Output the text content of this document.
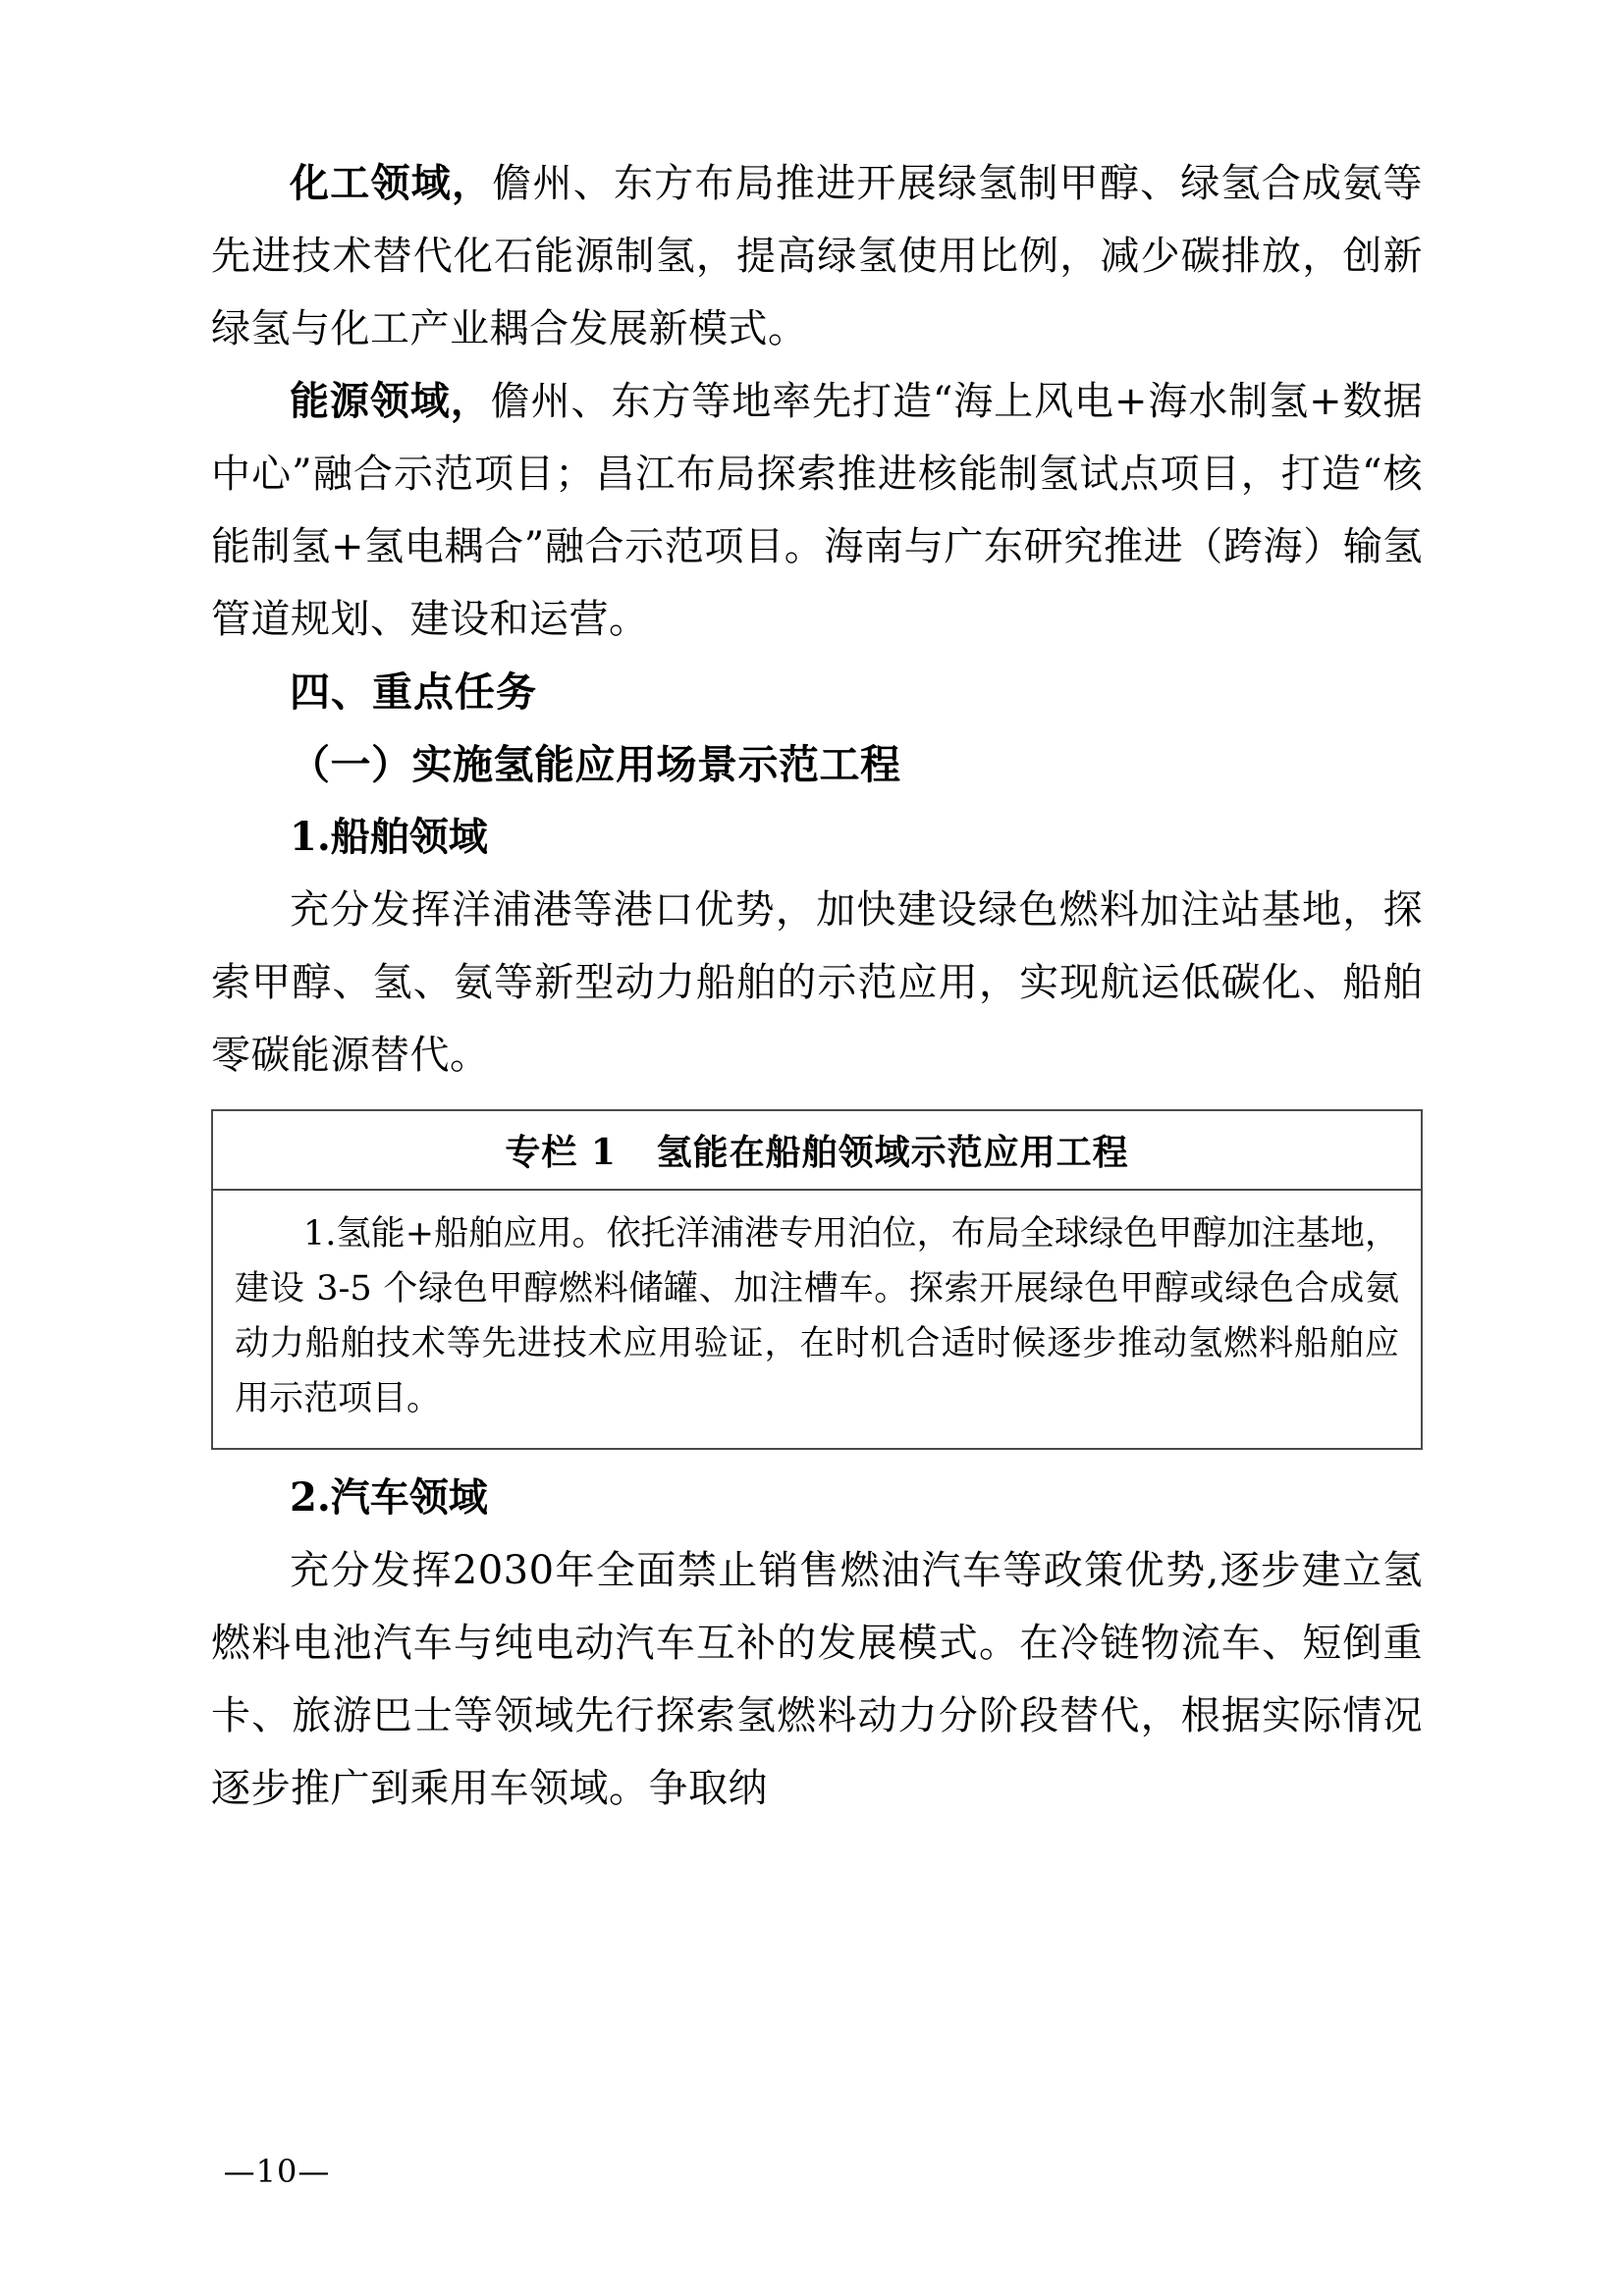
化工领域，儋州、东方布局推进开展绿氢制甲醇、绿氢合成氨等先进技术替代化石能源制氢，提高绿氢使用比例，减少碳排放，创新绿氢与化工产业耦合发展新模式。

能源领域，儋州、东方等地率先打造“海上风电+海水制氢+数据中心”融合示范项目；昌江布局探索推进核能制氢试点项目，打造“核能制氢+氢电耦合”融合示范项目。海南与广东研究推进（跨海）输氢管道规划、建设和运营。

四、重点任务

（一）实施氢能应用场景示范工程

1.船舶领域

充分发挥洋浦港等港口优势，加快建设绿色燃料加注站基地，探索甲醇、氢、氨等新型动力船舶的示范应用，实现航运低碳化、船舶零碳能源替代。

专栏 1 氢能在船舶领域示范应用工程
1.氢能+船舶应用。依托洋浦港专用泊位，布局全球绿色甲醇加注基地，建设 3-5 个绿色甲醇燃料储罐、加注槽车。探索开展绿色甲醇或绿色合成氨动力船舶技术等先进技术应用验证，在时机合适时候逐步推动氢燃料船舶应用示范项目。

2.汽车领域

充分发挥2030年全面禁止销售燃油汽车等政策优势,逐步建立氢燃料电池汽车与纯电动汽车互补的发展模式。在冷链物流车、短倒重卡、旅游巴士等领域先行探索氢燃料动力分阶段替代，根据实际情况逐步推广到乘用车领域。争取纳

—10—
